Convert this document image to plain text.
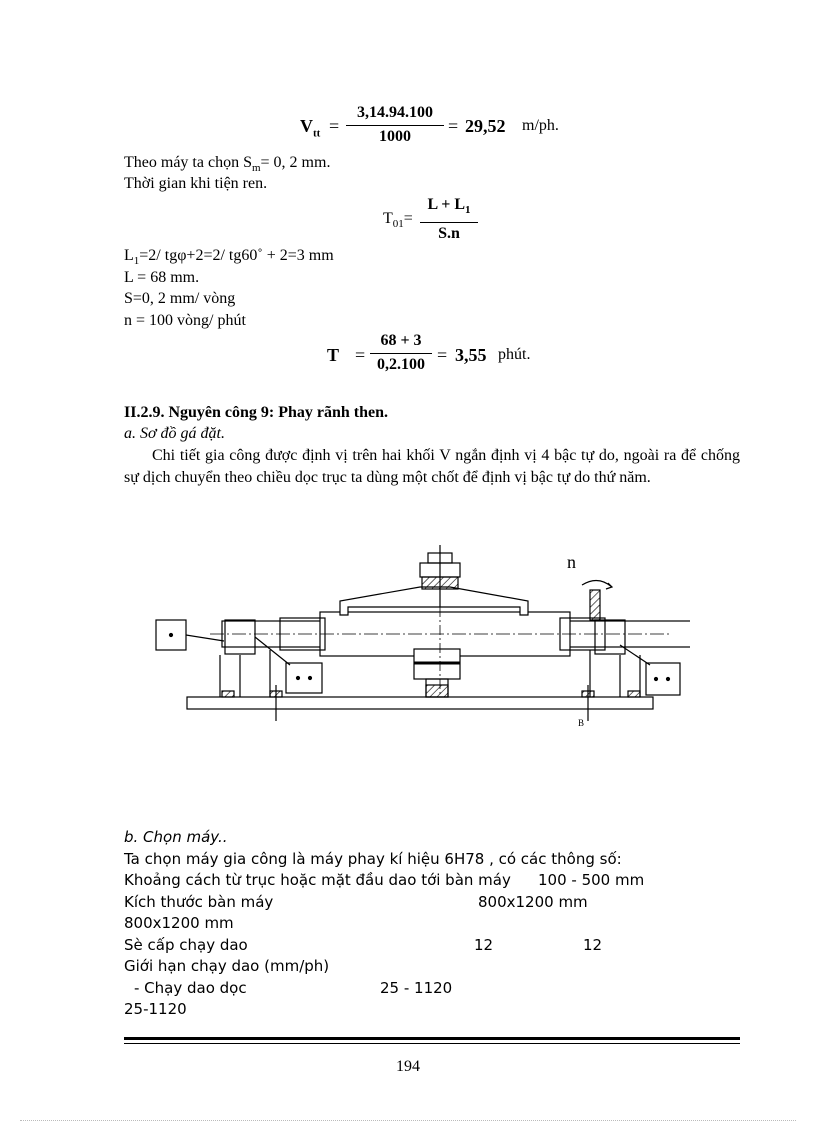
$V_{tt}$ =
3,14.94.100
1000
= 29,52 m/ph.
Theo máy ta chọn $S_m= 0$, 2 mm.
Thời gian khi tiện ren.
$T_{01}=$
$L + L_1$
S.n
$L_1=2/$ tgφ+2=2/ tg60˚ + 2=3 mm
L = 68 mm.
S=0, 2 mm/ vòng
n = 100 vòng/ phút
T =
68 + 3
0,2.100 = 3,55 phút.
II.2.9. Nguyên công 9: Phay rãnh then.
a. Sơ đồ gá đặt.
Chi tiết gia công được định vị trên hai khối V ngắn định vị 4 bậc tự do, ngoài ra để chống sự dịch chuyển theo chiều dọc trục ta dùng một chốt để định vị bậc tự do thứ năm.
n
B
b. Chọn máy..
Ta chọn máy gia công là máy phay kí hiệu 6H78 , có các thông số:
Khoảng cách từ trục hoặc mặt đầu dao tới bàn máy 100 - 500 mm
Kích thước bàn máy	800x1200 mm
800x1200 mm
Sè cấp chạy dao	12	12
Giới hạn chạy dao (mm/ph)
- Chạy dao dọc	25 - 1120
25-1120
194
